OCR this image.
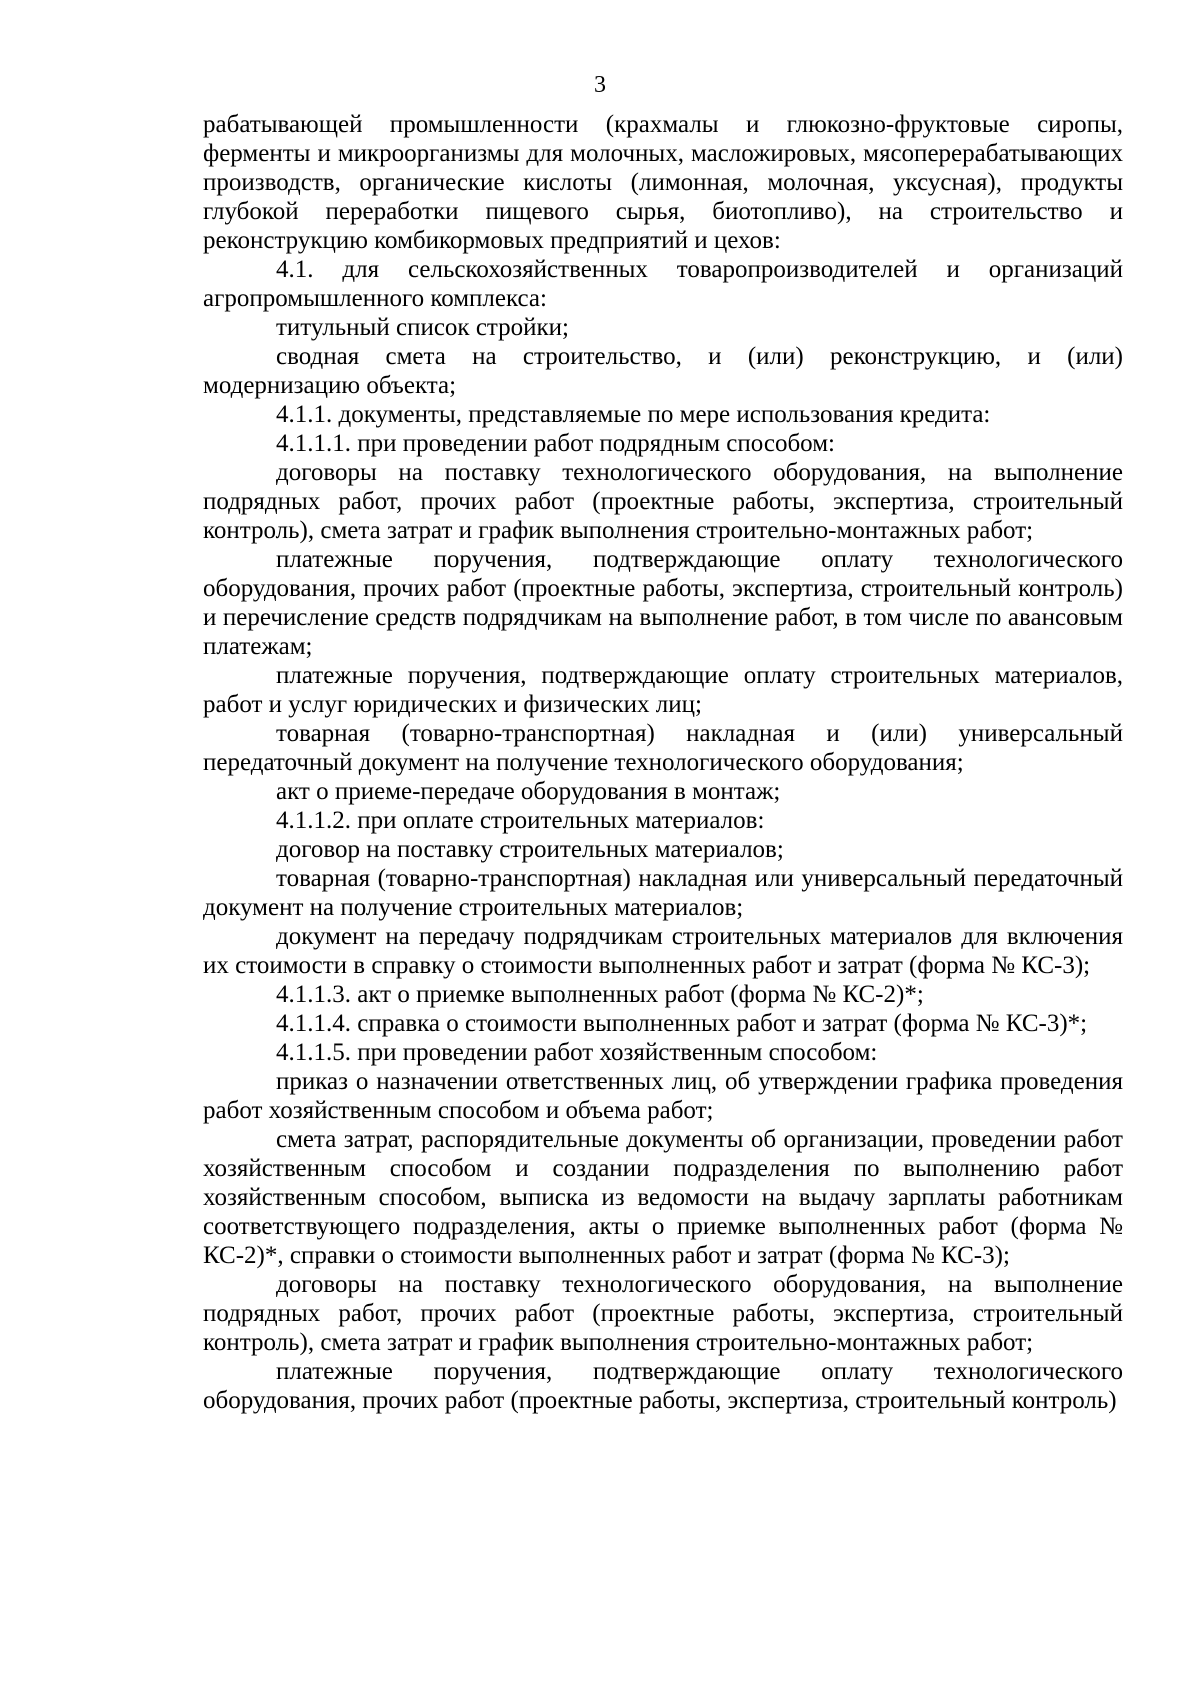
3

рабатывающей промышленности (крахмалы и глюкозно-фруктовые сиропы, ферменты и микроорганизмы для молочных, масложировых, мясоперерабатывающих производств, органические кислоты (лимонная, молочная, уксусная), продукты глубокой переработки пищевого сырья, биотопливо), на строительство и реконструкцию комбикормовых предприятий и цехов:

4.1. для сельскохозяйственных товаропроизводителей и организаций агропромышленного комплекса:

титульный список стройки;

сводная смета на строительство, и (или) реконструкцию, и (или) модернизацию объекта;

4.1.1. документы, представляемые по мере использования кредита:

4.1.1.1. при проведении работ подрядным способом:

договоры на поставку технологического оборудования, на выполнение подрядных работ, прочих работ (проектные работы, экспертиза, строительный контроль), смета затрат и график выполнения строительно-монтажных работ;

платежные поручения, подтверждающие оплату технологического оборудования, прочих работ (проектные работы, экспертиза, строительный контроль) и перечисление средств подрядчикам на выполнение работ, в том числе по авансовым платежам;

платежные поручения, подтверждающие оплату строительных материалов, работ и услуг юридических и физических лиц;

товарная (товарно-транспортная) накладная и (или) универсальный передаточный документ на получение технологического оборудования;

акт о приеме-передаче оборудования в монтаж;

4.1.1.2. при оплате строительных материалов:

договор на поставку строительных материалов;

товарная (товарно-транспортная) накладная или универсальный передаточный документ на получение строительных материалов;

документ на передачу подрядчикам строительных материалов для включения их стоимости в справку о стоимости выполненных работ и затрат (форма № КС-3);

4.1.1.3. акт о приемке выполненных работ (форма № КС-2)*;

4.1.1.4. справка о стоимости выполненных работ и затрат (форма № КС-3)*;

4.1.1.5. при проведении работ хозяйственным способом:

приказ о назначении ответственных лиц, об утверждении графика проведения работ хозяйственным способом и объема работ;

смета затрат, распорядительные документы об организации, проведении работ хозяйственным способом и создании подразделения по выполнению работ хозяйственным способом, выписка из ведомости на выдачу зарплаты работникам соответствующего подразделения, акты о приемке выполненных работ (форма № КС-2)*, справки о стоимости выполненных работ и затрат (форма № КС-3);

договоры на поставку технологического оборудования, на выполнение подрядных работ, прочих работ (проектные работы, экспертиза, строительный контроль), смета затрат и график выполнения строительно-монтажных работ;

платежные поручения, подтверждающие оплату технологического оборудования, прочих работ (проектные работы, экспертиза, строительный контроль)
